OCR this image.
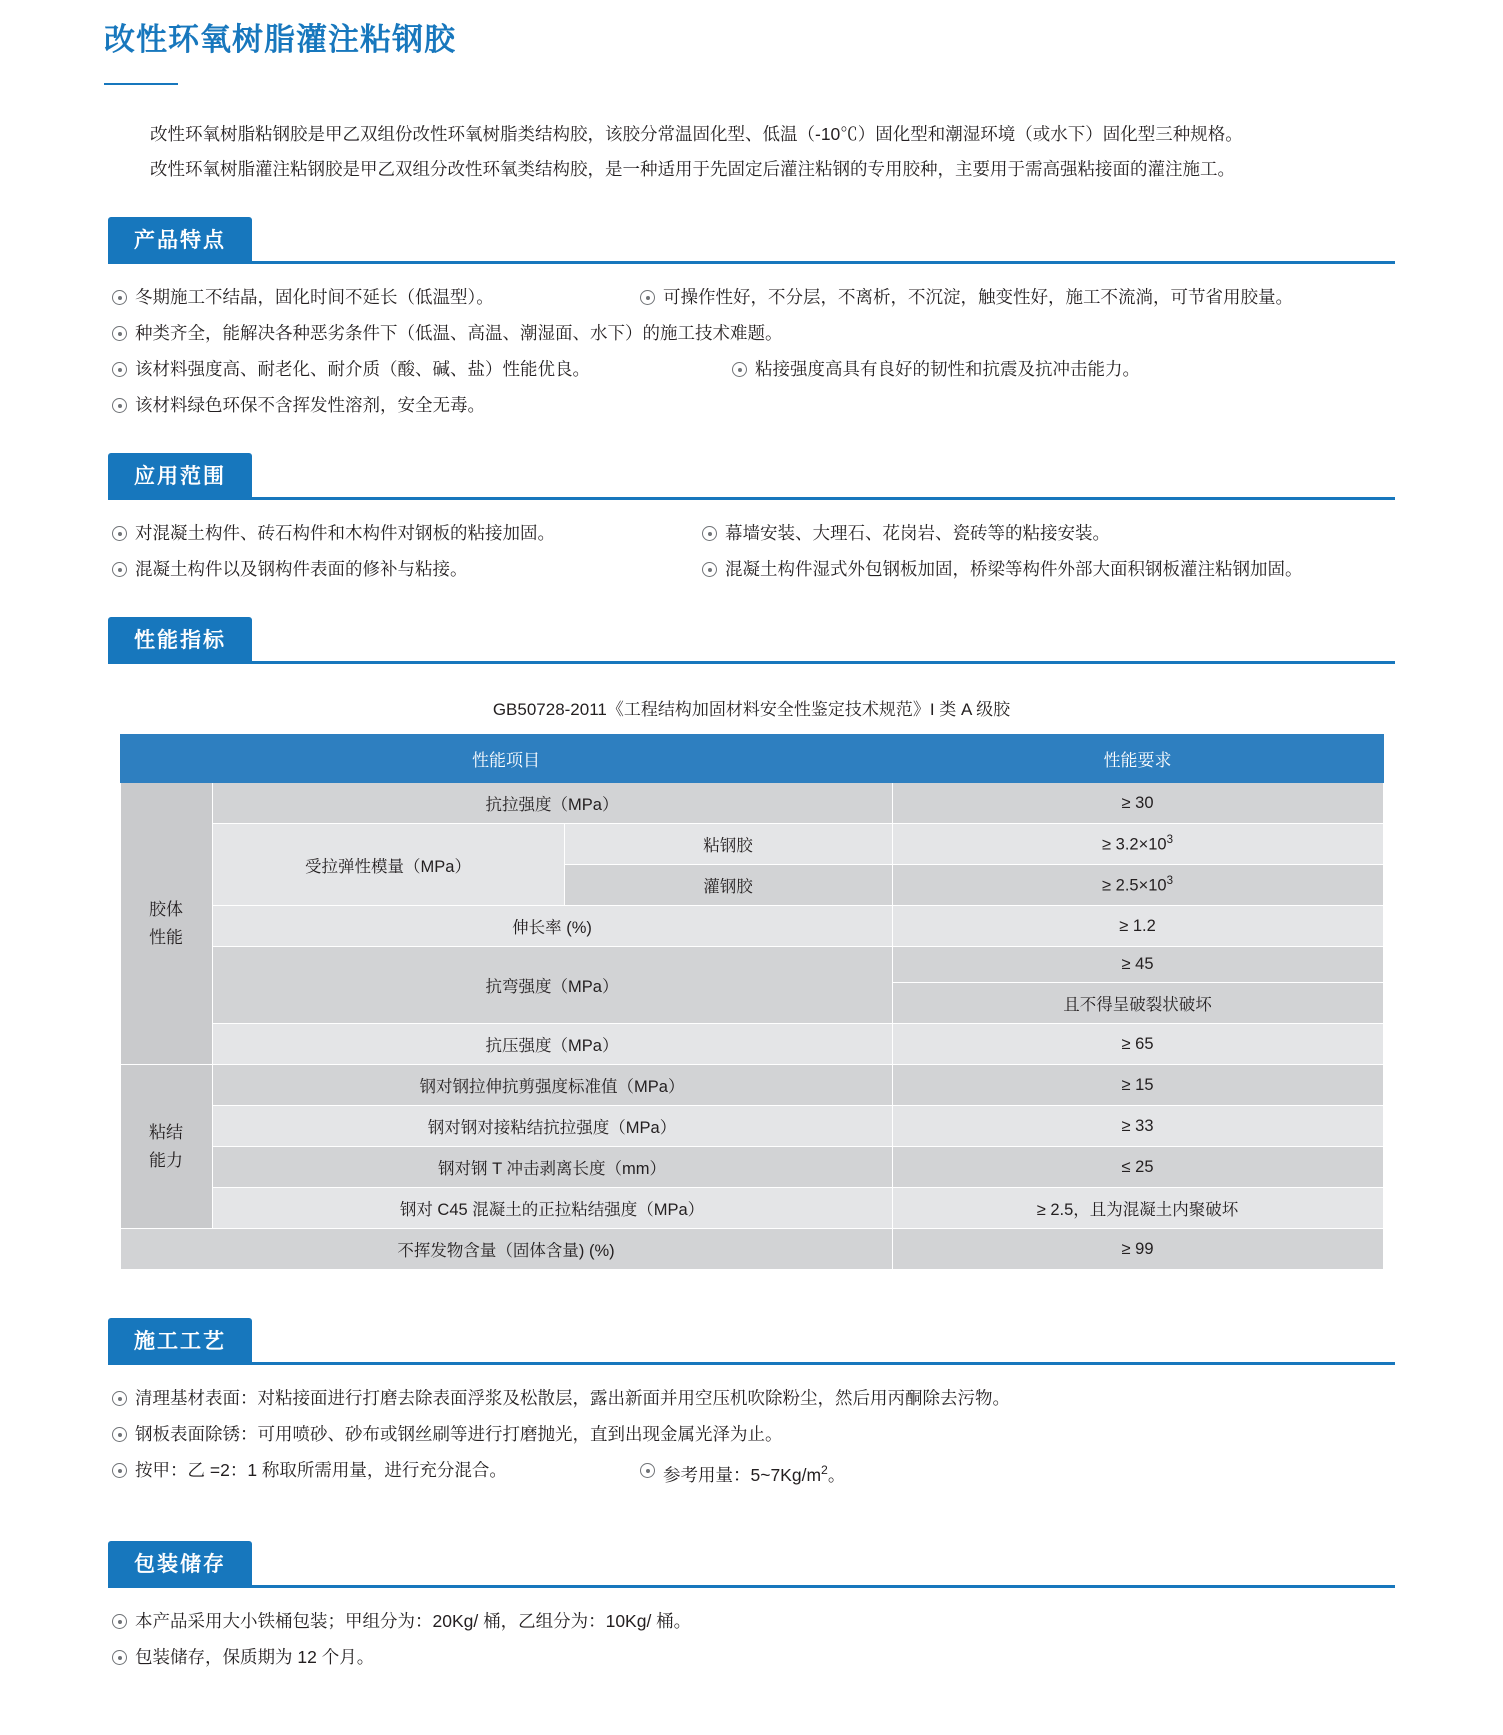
改性环氧树脂灌注粘钢胶

改性环氧树脂粘钢胶是甲乙双组份改性环氧树脂类结构胶，该胶分常温固化型、低温（-10℃）固化型和潮湿环境（或水下）固化型三种规格。

改性环氧树脂灌注粘钢胶是甲乙双组分改性环氧类结构胶，是一种适用于先固定后灌注粘钢的专用胶种，主要用于需高强粘接面的灌注施工。

产品特点
冬期施工不结晶，固化时间不延长（低温型）。	可操作性好，不分层，不离析，不沉淀，触变性好，施工不流淌，可节省用胶量。
种类齐全，能解决各种恶劣条件下（低温、高温、潮湿面、水下）的施工技术难题。
该材料强度高、耐老化、耐介质（酸、碱、盐）性能优良。	粘接强度高具有良好的韧性和抗震及抗冲击能力。
该材料绿色环保不含挥发性溶剂，安全无毒。
应用范围
对混凝土构件、砖石构件和木构件对钢板的粘接加固。	幕墙安装、大理石、花岗岩、瓷砖等的粘接安装。
混凝土构件以及钢构件表面的修补与粘接。	混凝土构件湿式外包钢板加固，桥梁等构件外部大面积钢板灌注粘钢加固。
性能指标
GB50728-2011《工程结构加固材料安全性鉴定技术规范》I 类 A 级胶
性能项目			性能要求

胶体
性能	抗拉强度（MPa）		≥ 30
	受拉弹性模量（MPa）	粘钢胶	≥ $3.2\times 10^3$
		灌钢胶	≥ $2.5\times 10^3$
	伸长率 (%)		≥ 1.2
	抗弯强度（MPa）		≥ 45
			且不得呈破裂状破坏
	抗压强度（MPa）		≥ 65

粘结
能力	钢对钢拉伸抗剪强度标准值（MPa）		≥ 15
	钢对钢对接粘结抗拉强度（MPa）		≥ 33
	钢对钢 T 冲击剥离长度（mm）		≤ 25
	钢对 C45 混凝土的正拉粘结强度（MPa）		≥ 2.5，且为混凝土内聚破坏
不挥发物含量（固体含量) (%)			≥ 99
施工工艺
清理基材表面：对粘接面进行打磨去除表面浮浆及松散层，露出新面并用空压机吹除粉尘，然后用丙酮除去污物。
钢板表面除锈：可用喷砂、砂布或钢丝刷等进行打磨抛光，直到出现金属光泽为止。
按甲：乙 =2：1 称取所需用量，进行充分混合。	参考用量：$5\sim 7Kg/m^2$。
包装储存
本产品采用大小铁桶包装；甲组分为：20Kg/ 桶，乙组分为：10Kg/ 桶。
包装储存，保质期为 12 个月。
